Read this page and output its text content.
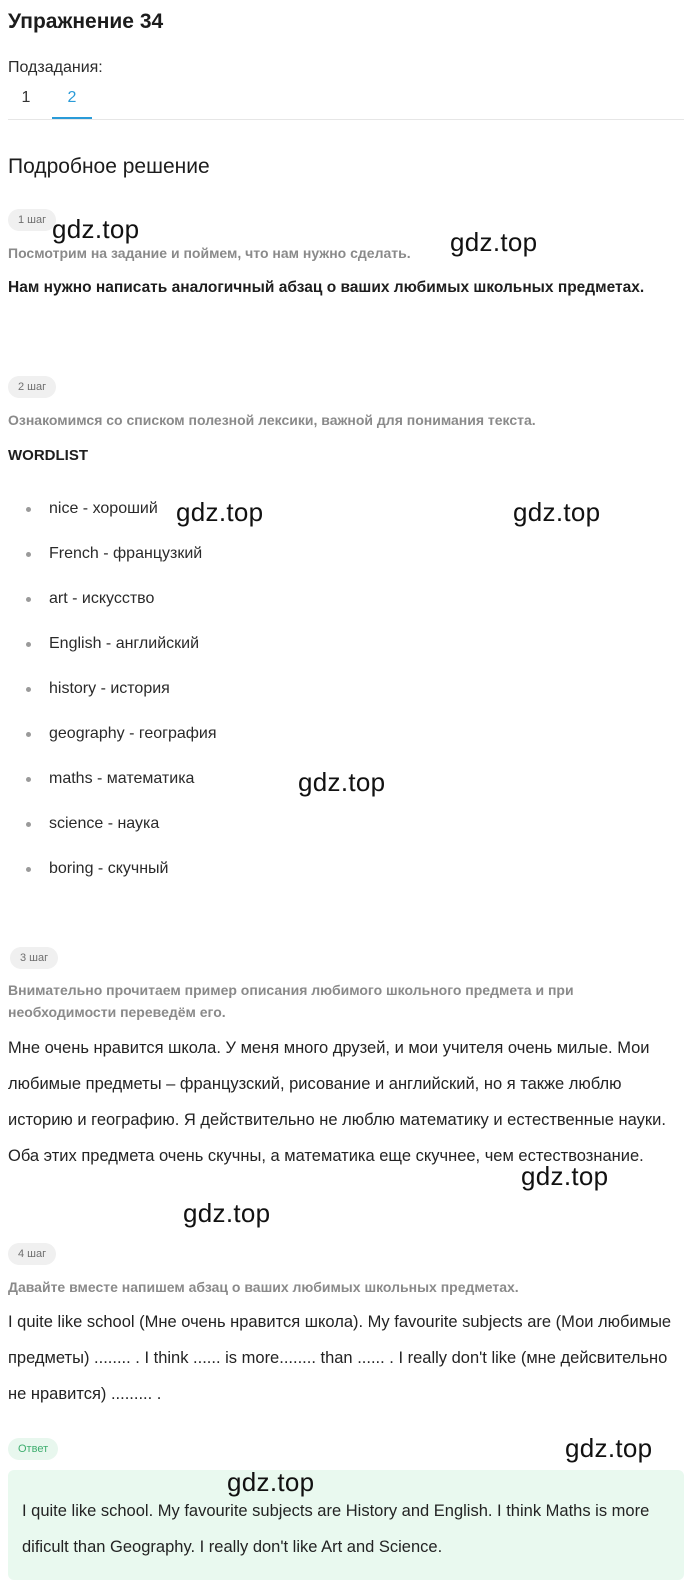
Упражнение 34
Подзадания:
1	2
Подробное решение
1 шаг
Посмотрим на задание и поймем, что нам нужно сделать.
Нам нужно написать аналогичный абзац о ваших любимых школьных предметах.
2 шаг
Ознакомимся со списком полезной лексики, важной для понимания текста.
WORDLIST
nice - хороший
French - французкий
art - искусство
English - английский
history - история
geography - география
maths - математика
science - наука
boring - скучный
3 шаг
Внимательно прочитаем пример описания любимого школьного предмета и при
необходимости переведём его.
Мне очень нравится школа. У меня много друзей, и мои учителя очень милые. Мои любимые предметы – французский, рисование и английский, но я также люблю историю и географию. Я действительно не люблю математику и естественные науки. Оба этих предмета очень скучны, а математика еще скучнее, чем естествознание.
4 шаг
Давайте вместе напишем абзац о ваших любимых школьных предметах.
I quite like school (Мне очень нравится школа). My favourite subjects are (Мои любимые предметы) ........ . I think ...... is more........ than ...... . I really don't like (мне дейсвительно не нравится) ......... .
Ответ
I quite like school. My favourite subjects are History and English. I think Maths is more dificult than Geography. I really don't like Art and Science.
gdz.top	gdz.top
gdz.top	gdz.top
gdz.top
gdz.top
gdz.top
gdz.top
gdz.top
